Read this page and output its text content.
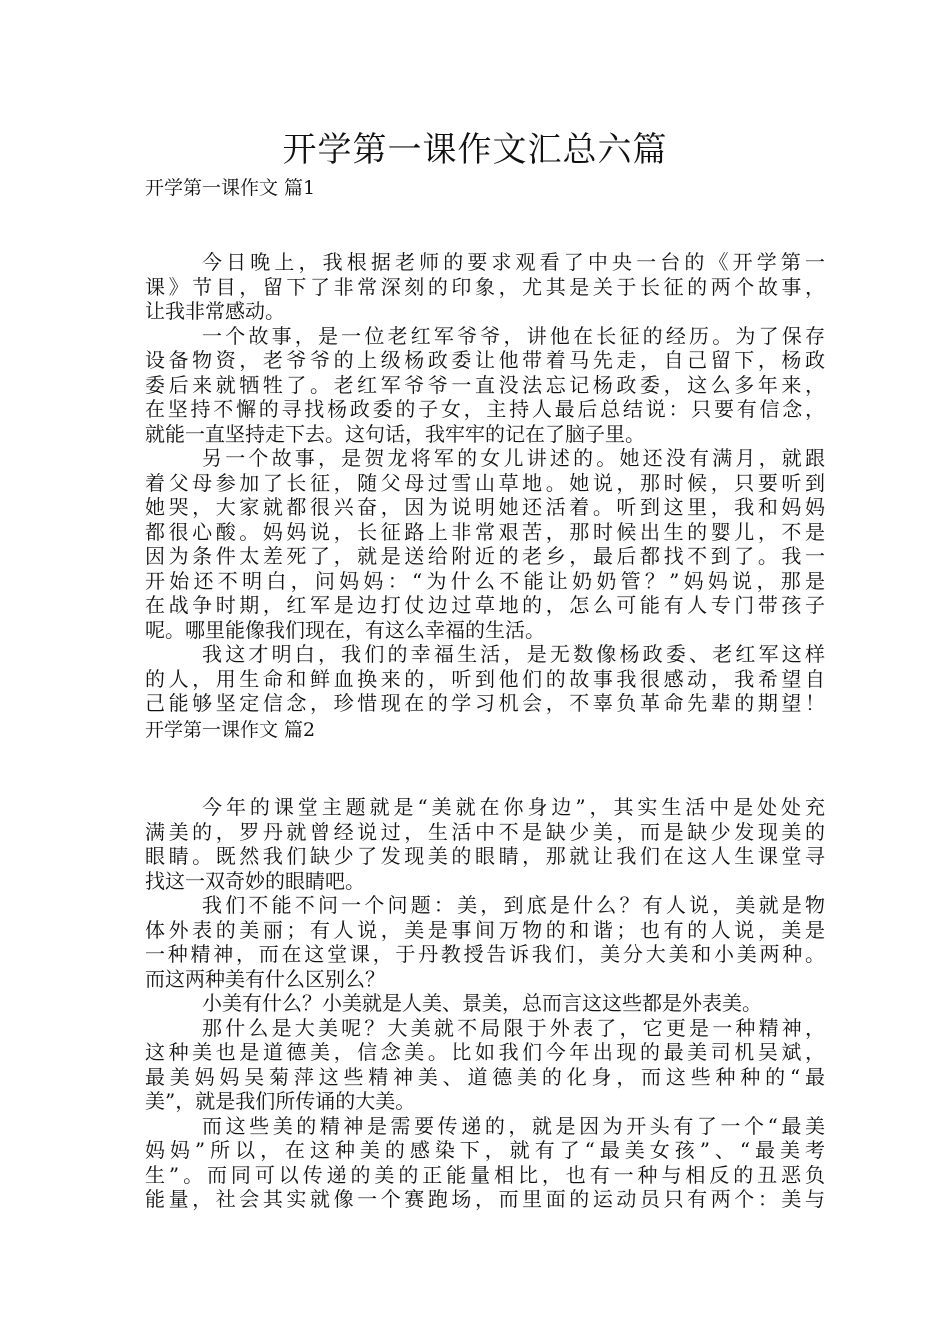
开学第一课作文汇总六篇
开学第一课作文 篇1
今日晚上，我根据老师的要求观看了中央一台的《开学第一
课》节目，留下了非常深刻的印象，尤其是关于长征的两个故事，
让我非常感动。
一个故事，是一位老红军爷爷，讲他在长征的经历。为了保存
设备物资，老爷爷的上级杨政委让他带着马先走，自己留下，杨政
委后来就牺牲了。老红军爷爷一直没法忘记杨政委，这么多年来，
在坚持不懈的寻找杨政委的子女，主持人最后总结说：只要有信念，
就能一直坚持走下去。这句话，我牢牢的记在了脑子里。
另一个故事，是贺龙将军的女儿讲述的。她还没有满月，就跟
着父母参加了长征，随父母过雪山草地。她说，那时候，只要听到
她哭，大家就都很兴奋，因为说明她还活着。听到这里，我和妈妈
都很心酸。妈妈说，长征路上非常艰苦，那时候出生的婴儿，不是
因为条件太差死了，就是送给附近的老乡，最后都找不到了。我一
开始还不明白，问妈妈：“为什么不能让奶奶管？”妈妈说，那是
在战争时期，红军是边打仗边过草地的，怎么可能有人专门带孩子
呢。哪里能像我们现在，有这么幸福的生活。
我这才明白，我们的幸福生活，是无数像杨政委、老红军这样
的人，用生命和鲜血换来的，听到他们的故事我很感动，我希望自
己能够坚定信念，珍惜现在的学习机会，不辜负革命先辈的期望！
开学第一课作文 篇2
今年的课堂主题就是“美就在你身边”，其实生活中是处处充
满美的，罗丹就曾经说过，生活中不是缺少美，而是缺少发现美的
眼睛。既然我们缺少了发现美的眼睛，那就让我们在这人生课堂寻
找这一双奇妙的眼睛吧。
我们不能不问一个问题：美，到底是什么？有人说，美就是物
体外表的美丽；有人说，美是事间万物的和谐；也有的人说，美是
一种精神，而在这堂课，于丹教授告诉我们，美分大美和小美两种。
而这两种美有什么区别么？
小美有什么？小美就是人美、景美，总而言这这些都是外表美。
那什么是大美呢？大美就不局限于外表了，它更是一种精神，
这种美也是道德美，信念美。比如我们今年出现的最美司机吴斌，
最美妈妈吴菊萍这些精神美、道德美的化身，而这些种种的“最
美”，就是我们所传诵的大美。
而这些美的精神是需要传递的，就是因为开头有了一个“最美
妈妈”所以，在这种美的感染下，就有了“最美女孩”、“最美考
生”。而同可以传递的美的正能量相比，也有一种与相反的丑恶负
能量，社会其实就像一个赛跑场，而里面的运动员只有两个：美与
